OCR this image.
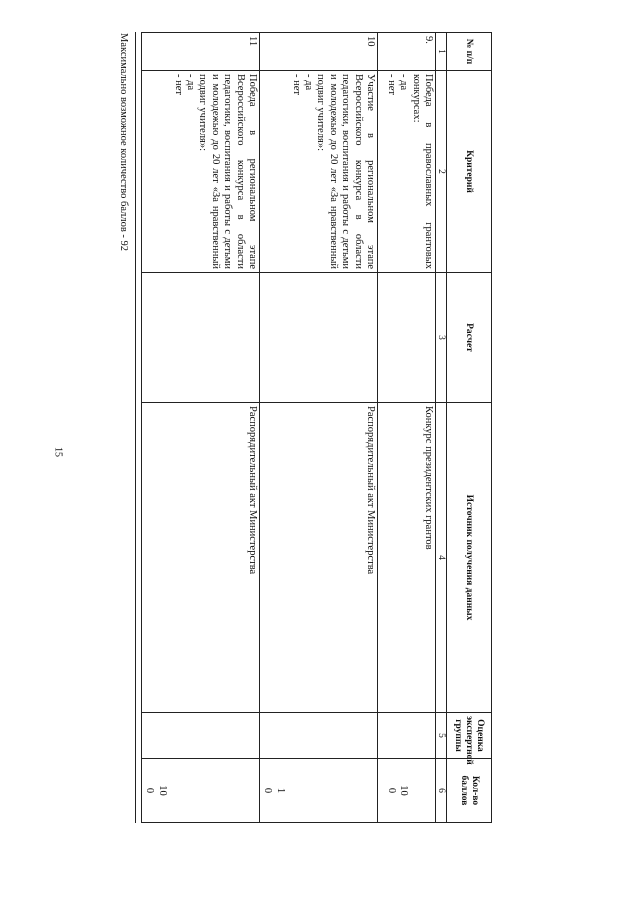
15
№ п/п	Критерий	Расчет	Источник получения данных	Оценка экспертной группы	Кол-во баллов
1	2	3	4	5	6
9.	Победа в православных грантовых конкурсах:
- да
- нет		Конкурс президентских грантов		10
0

10	Участие в региональном этапе Всероссийского конкурса в области педагогики, воспитания и работы с детьми и молодежью до 20 лет «За нравственный подвиг учителя»:
- да
- нет		Распорядительный акт Министерства		1
0

11	Победа в региональном этапе Всероссийского конкурса в области педагогики, воспитания и работы с детьми и молодежью до 20 лет «За нравственный подвиг учителя»:
- да
- нет		Распорядительный акт Министерства		10
0
Максимально возможное количество баллов - 92
